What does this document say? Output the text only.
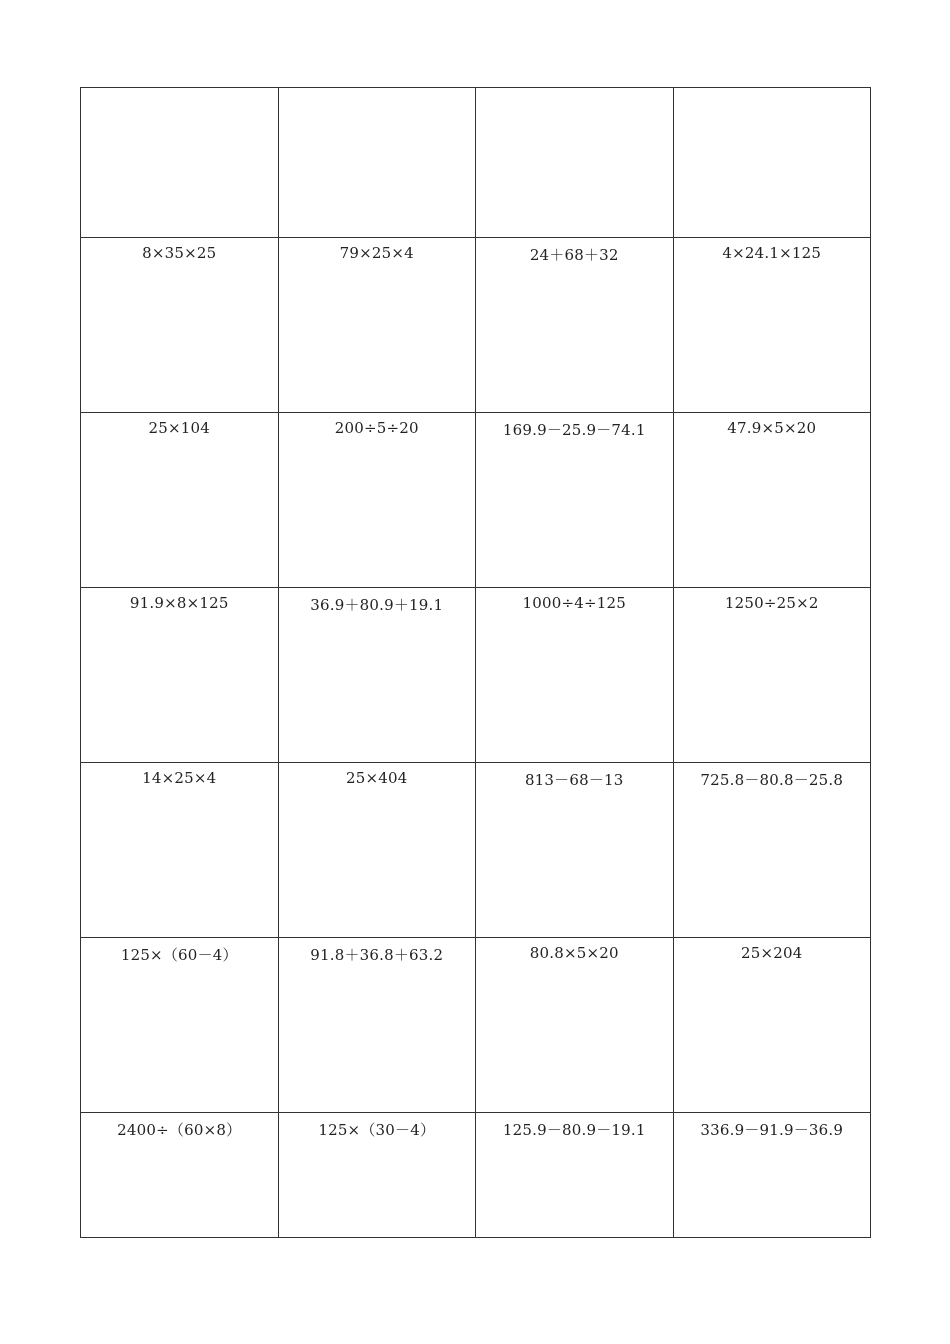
8×35×25	79×25×4	24＋68＋32	4×24.1×125

25×104	200÷5÷20	169.9－25.9－74.1	47.9×5×20

91.9×8×125	36.9＋80.9＋19.1	1000÷4÷125	1250÷25×2

14×25×4	25×404	813－68－13	725.8－80.8－25.8

125×（60－4）	91.8＋36.8＋63.2	80.8×5×20	25×204

2400÷（60×8）	125×（30－4）	125.9－80.9－19.1	336.9－91.9－36.9
